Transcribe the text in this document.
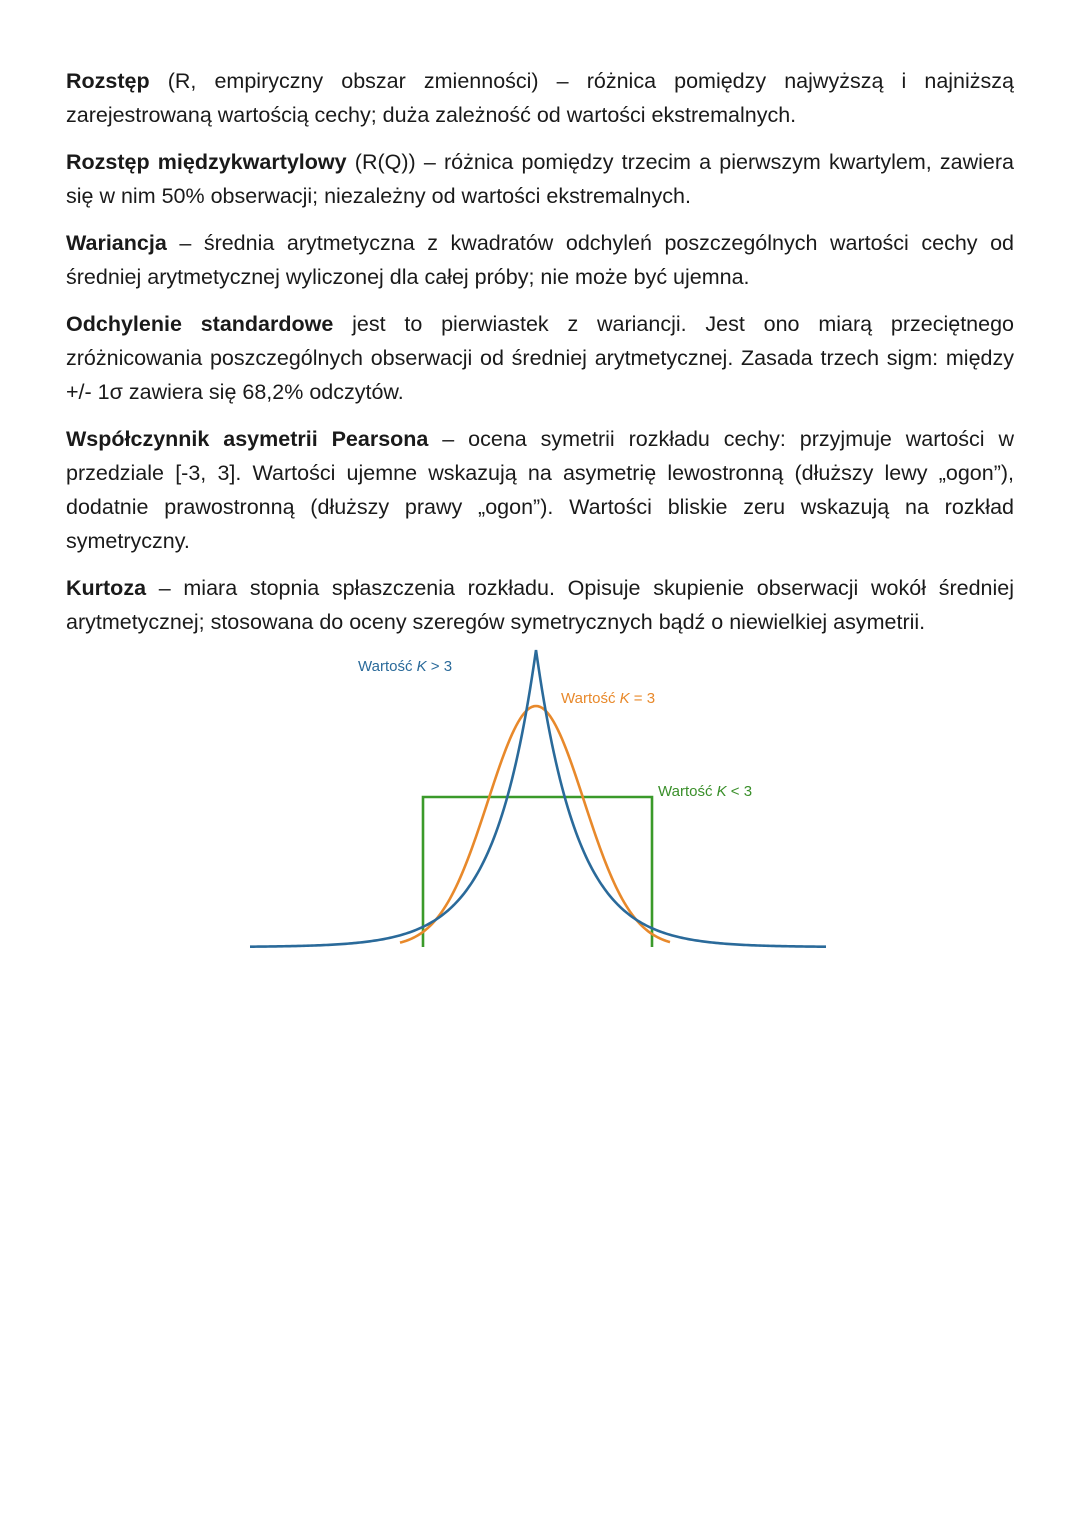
Rozstęp (R, empiryczny obszar zmienności) – różnica pomiędzy najwyższą i najniższą zarejestrowaną wartością cechy; duża zależność od wartości ekstremalnych.

Rozstęp międzykwartylowy (R(Q)) – różnica pomiędzy trzecim a pierwszym kwartylem, zawiera się w nim 50% obserwacji; niezależny od wartości ekstremalnych.

Wariancja – średnia arytmetyczna z kwadratów odchyleń poszczególnych wartości cechy od średniej arytmetycznej wyliczonej dla całej próby; nie może być ujemna.

Odchylenie standardowe jest to pierwiastek z wariancji. Jest ono miarą przeciętnego zróżnicowania poszczególnych obserwacji od średniej arytmetycznej. Zasada trzech sigm: między +/- 1σ zawiera się 68,2% odczytów.

Współczynnik asymetrii Pearsona – ocena symetrii rozkładu cechy: przyjmuje wartości w przedziale [-3, 3]. Wartości ujemne wskazują na asymetrię lewostronną (dłuższy lewy „ogon”), dodatnie prawostronną (dłuższy prawy „ogon”). Wartości bliskie zeru wskazują na rozkład symetryczny.

Kurtoza – miara stopnia spłaszczenia rozkładu. Opisuje skupienie obserwacji wokół średniej arytmetycznej; stosowana do oceny szeregów symetrycznych bądź o niewielkiej asymetrii.

Wartość K > 3
Wartość K = 3
Wartość K < 3
